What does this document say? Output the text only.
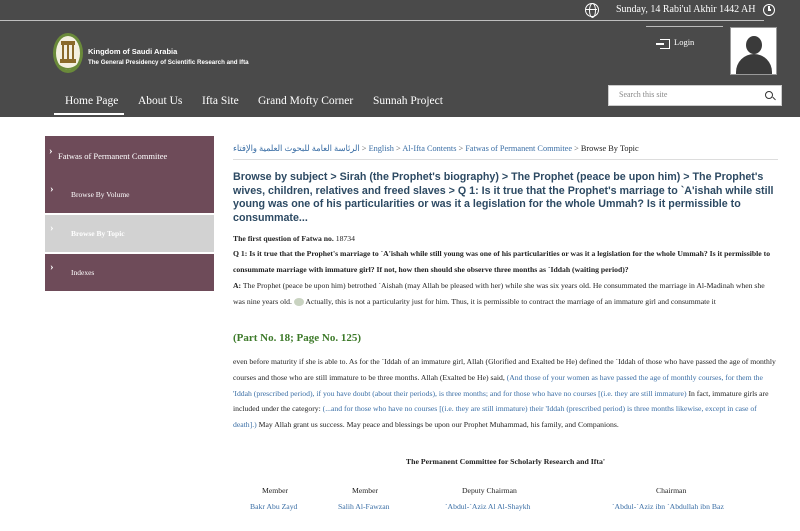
Sunday, 14 Rabi'ul Akhir 1442 AH
Kingdom of Saudi Arabia
The General Presidency of Scientific Research and Ifta
Login
Home Page About Us Ifta Site Grand Mofty Corner Sunnah Project
Search this site
› Fatwas of Permanent Commitee
› Browse By Volume
› Browse By Topic
› Indexes
الرئاسة العامة للبحوث العلمية والإفتاء > English > Al-Ifta Contents > Fatwas of Permanent Commitee > Browse By Topic
Browse by subject > Sirah (the Prophet's biography) > The Prophet (peace be upon him) > The Prophet's wives, children, relatives and freed slaves > Q 1: Is it true that the Prophet's marriage to `A'ishah while still young was one of his particularities or was it a legislation for the whole Ummah? Is it permissible to consummate...
The first question of Fatwa no. 18734
Q 1: Is it true that the Prophet's marriage to `A'ishah while still young was one of his particularities or was it a legislation for the whole Ummah? Is it permissible to consummate marriage with immature girl? If not, how then should she observe three months as `Iddah (waiting period)?
A: The Prophet (peace be upon him) betrothed `Aishah (may Allah be pleased with her) while she was six years old. He consummated the marriage in Al-Madinah when she was nine years old. Actually, this is not a particularity just for him. Thus, it is permissible to contract the marriage of an immature girl and consummate it
(Part No. 18; Page No. 125)
even before maturity if she is able to. As for the `Iddah of an immature girl, Allah (Glorified and Exalted be He) defined the `Iddah of those who have passed the age of monthly courses and those who are still immature to be three months. Allah (Exalted be He) said, (And those of your women as have passed the age of monthly courses, for them the 'Iddah (prescribed period), if you have doubt (about their periods), is three months; and for those who have no courses [(i.e. they are still immature) In fact, immature girls are included under the category: (...and for those who have no courses [(i.e. they are still immature) their 'Iddah (prescribed period) is three months likewise, except in case of death].) May Allah grant us success. May peace and blessings be upon our Prophet Muhammad, his family, and Companions.
The Permanent Committee for Scholarly Research and Ifta'
Member
Bakr Abu Zayd
Member
Salih Al-Fawzan
Deputy Chairman
`Abdul-`Aziz Al Al-Shaykh
Chairman
`Abdul-`Aziz ibn `Abdullah ibn Baz
